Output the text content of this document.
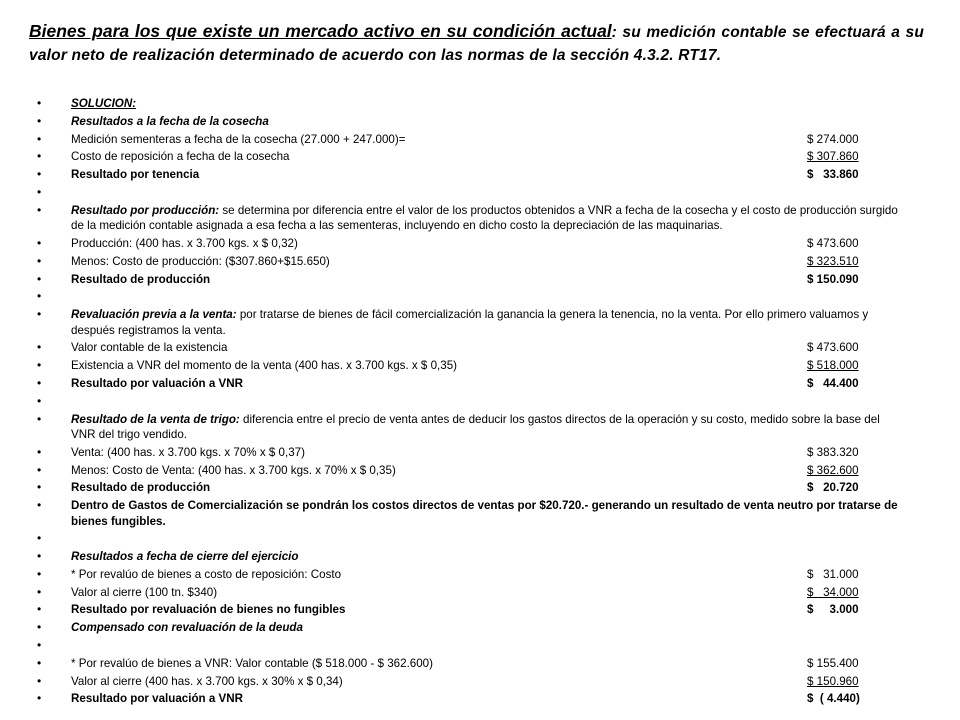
Bienes para los que existe un mercado activo en su condición actual: su medición contable se efectuará a su valor neto de realización determinado de acuerdo con las normas de la sección 4.3.2. RT17.
• SOLUCION:
• Resultados a la fecha de la cosecha
• Medición sementeras a fecha de la cosecha (27.000 + 247.000)=	$ 274.000
• Costo de reposición a fecha de la cosecha	$ 307.860
• Resultado por tenencia	$   33.860
•
• Resultado por producción: se determina por diferencia entre el valor de los productos obtenidos a VNR a fecha de la cosecha y el costo de producción surgido de la medición contable asignada a esa fecha a las sementeras, incluyendo en dicho costo la depreciación de las maquinarias.
• Producción: (400 has. x 3.700 kgs. x $ 0,32)	$ 473.600
• Menos: Costo de producción: ($307.860+$15.650)	$ 323.510
• Resultado de producción	$ 150.090
•
• Revaluación previa a la venta: por tratarse de bienes de fácil comercialización la ganancia la genera la tenencia, no la venta. Por ello primero valuamos y después registramos la venta.
• Valor contable de la existencia	$ 473.600
• Existencia a VNR del momento de la venta (400 has. x 3.700 kgs. x $ 0,35)	$ 518.000
• Resultado por valuación a VNR	$   44.400
•
• Resultado de la venta de trigo: diferencia entre el precio de venta antes de deducir los gastos directos de la operación y su costo, medido sobre la base del VNR del trigo vendido.
• Venta: (400 has. x 3.700 kgs. x 70% x $ 0,37)	$ 383.320
• Menos: Costo de Venta: (400 has. x 3.700 kgs. x 70% x $ 0,35)	$ 362.600
• Resultado de producción	$   20.720
• Dentro de Gastos de Comercialización se pondrán los costos directos de ventas por $20.720.- generando un resultado de venta neutro por tratarse de bienes fungibles.
•
• Resultados a fecha de cierre del ejercicio
• * Por revalúo de bienes a costo de reposición: Costo	$   31.000
• Valor al cierre (100 tn. $340)	$   34.000
• Resultado por revaluación de bienes no fungibles	$     3.000
• Compensado con revaluación de la deuda
•
• * Por revalúo de bienes a VNR: Valor contable ($ 518.000 - $ 362.600)	$ 155.400
• Valor al cierre (400 has. x 3.700 kgs. x 30% x $ 0,34)	$ 150.960
• Resultado por valuación a VNR	$  ( 4.440)
